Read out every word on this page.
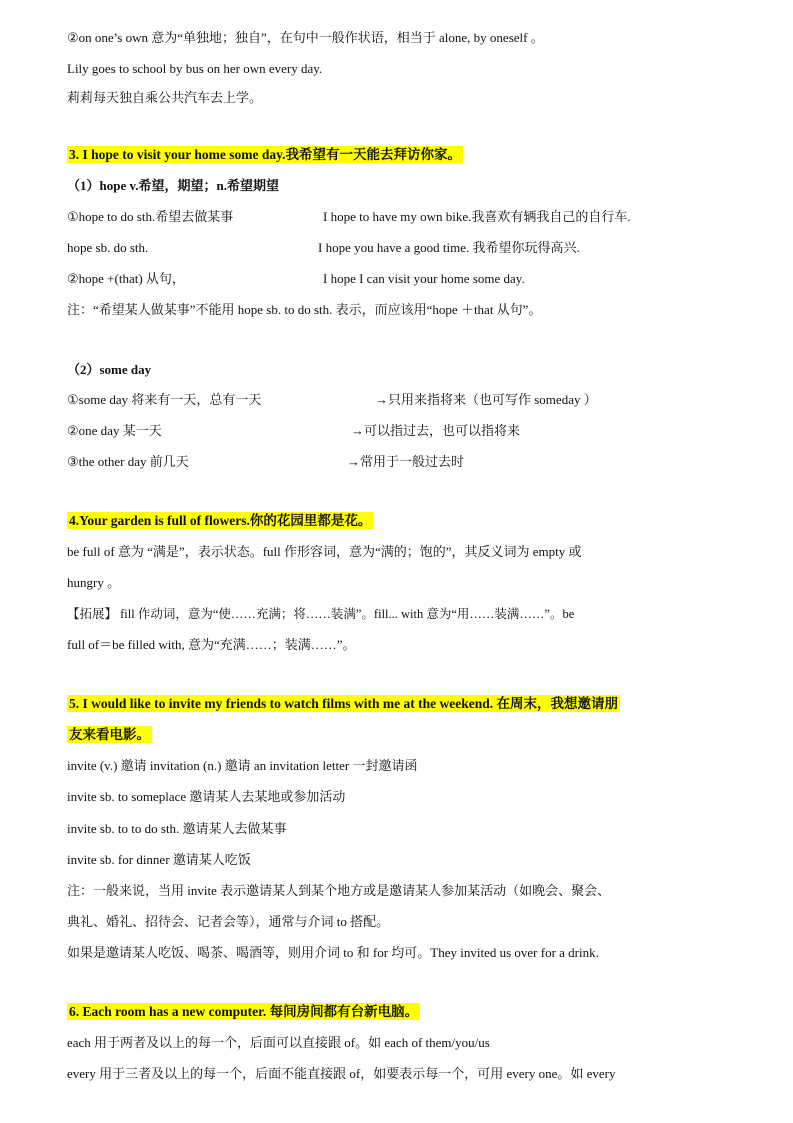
②on one’s own 意为“单独地；独自”，在句中一般作状语，相当于 alone, by oneself 。
Lily goes to school by bus on her own every day.
莉莉每天独自乘公共汽车去上学。
3. I hope to visit your home some day.我希望有一天能去拜访你家。
（1）hope v.希望，期望；n.希望期望
①hope to do sth.希望去做某事	I hope to have my own bike.我喜欢有辆我自己的自行车.
hope sb. do sth.	I hope you have a good time. 我希望你玩得高兴.
②hope +(that) 从句，	I hope I can visit your home some day.
注：“希望某人做某事”不能用 hope sb. to do sth. 表示，而应该用“hope ＋that 从句”。
（2）some day
①some day 将来有一天，总有一天	→只用来指将来（也可写作 someday ）
②one day 某一天	→可以指过去，也可以指将来
③the other day 前几天	→常用于一般过去时
4.Your garden is full of flowers.你的花园里都是花。
be full of 意为 “满是”，表示状态。full 作形容词，意为“满的；饱的”，其反义词为 empty 或
hungry 。
【拓展】 fill 作动词，意为“使……充满；将……装满”。fill... with 意为“用……装满……”。be
full of＝be filled with, 意为“充满……；装满……”。
5. I would like to invite my friends to watch films with me at the weekend. 在周末，我想邀请朋
友来看电影。
invite (v.) 邀请 invitation (n.) 邀请 an invitation letter 一封邀请函
invite sb. to someplace 邀请某人去某地或参加活动
invite sb. to to do sth. 邀请某人去做某事
invite sb. for dinner 邀请某人吃饭
注：一般来说，当用 invite 表示邀请某人到某个地方或是邀请某人参加某活动（如晚会、聚会、
典礼、婚礼、招待会、记者会等），通常与介词 to 搭配。
如果是邀请某人吃饭、喝茶、喝酒等，则用介词 to 和 for 均可。They invited us over for a drink.
6. Each room has a new computer. 每间房间都有台新电脑。
each 用于两者及以上的每一个，后面可以直接跟 of。如 each of them/you/us
every 用于三者及以上的每一个，后面不能直接跟 of，如要表示每一个，可用 every one。如 every
